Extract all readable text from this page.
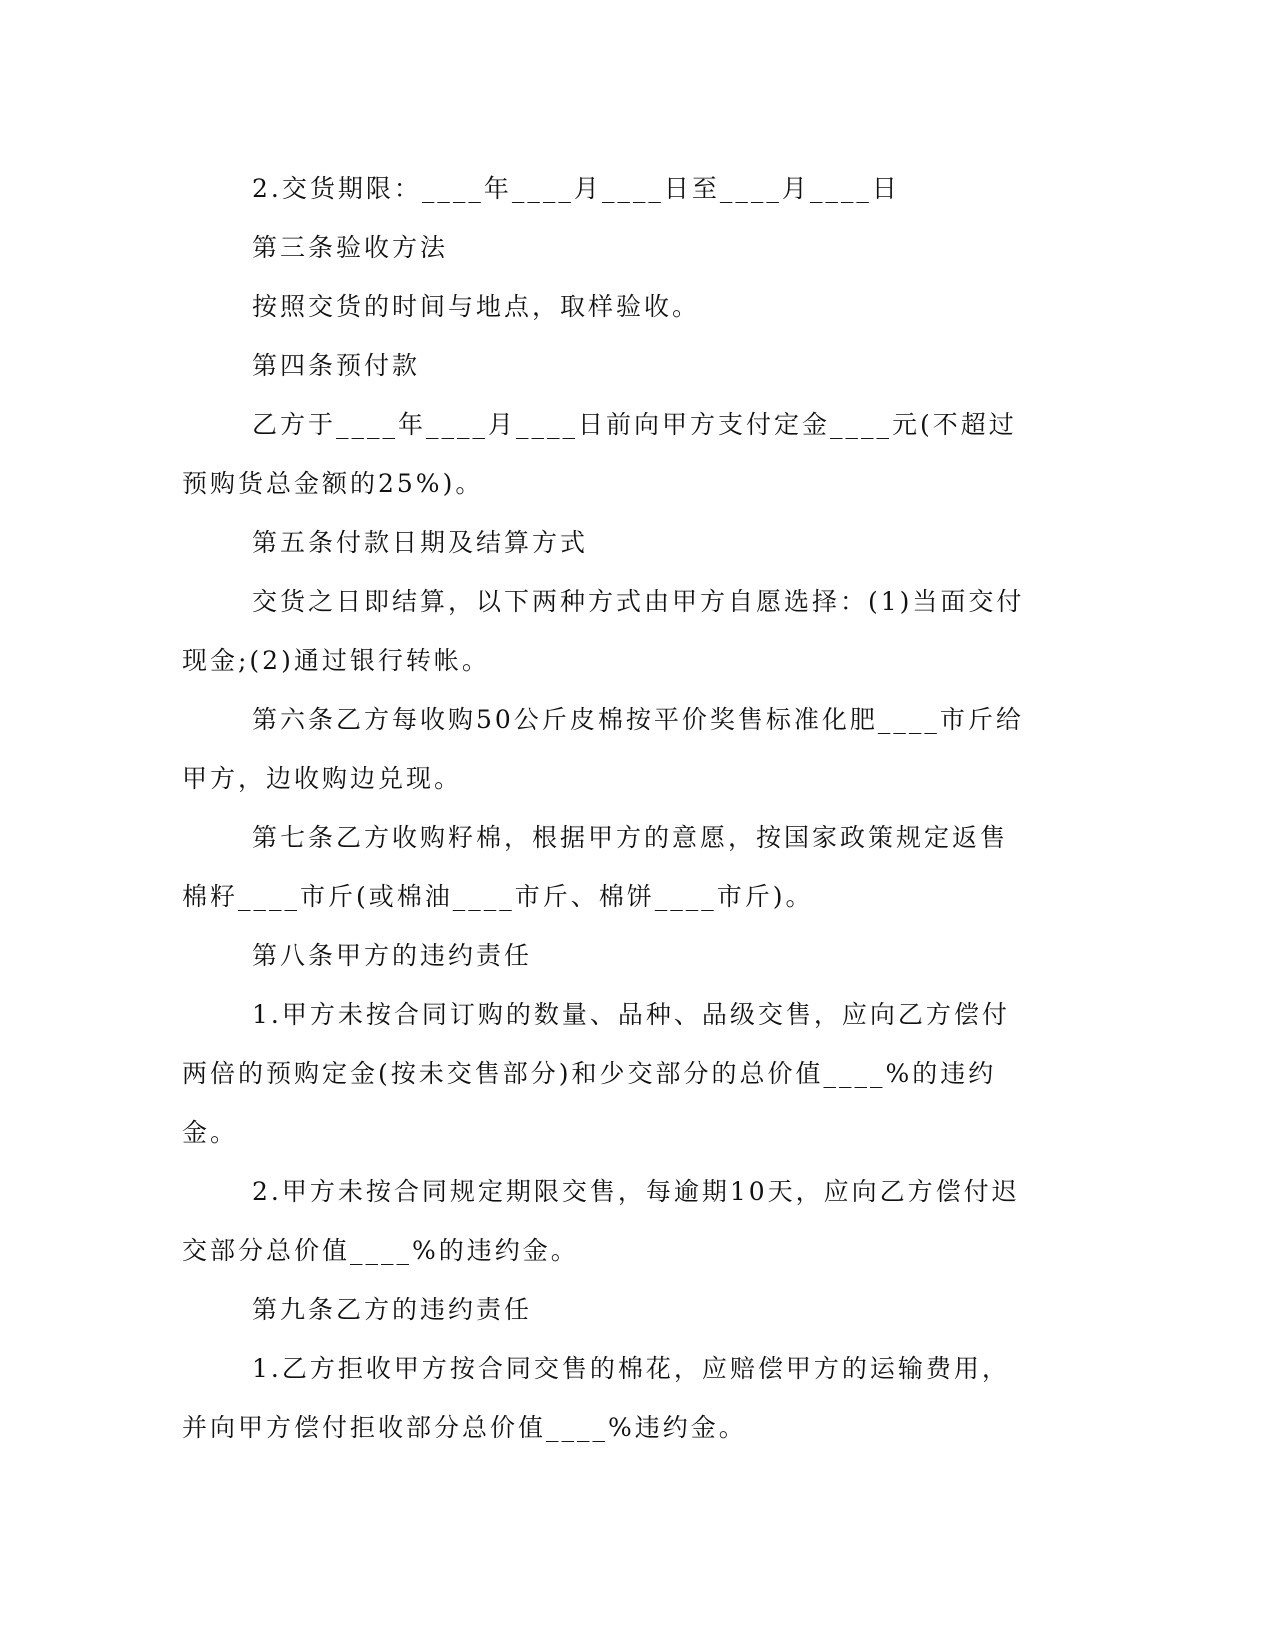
2.交货期限：____年____月____日至____月____日

第三条验收方法

按照交货的时间与地点，取样验收。

第四条预付款

乙方于____年____月____日前向甲方支付定金____元(不超过预购货总金额的25%)。

第五条付款日期及结算方式

交货之日即结算，以下两种方式由甲方自愿选择：(1)当面交付现金;(2)通过银行转帐。

第六条乙方每收购50公斤皮棉按平价奖售标准化肥____市斤给甲方，边收购边兑现。

第七条乙方收购籽棉，根据甲方的意愿，按国家政策规定返售棉籽____市斤(或棉油____市斤、棉饼____市斤)。

第八条甲方的违约责任

1.甲方未按合同订购的数量、品种、品级交售，应向乙方偿付两倍的预购定金(按未交售部分)和少交部分的总价值____%的违约金。

2.甲方未按合同规定期限交售，每逾期10天，应向乙方偿付迟交部分总价值____%的违约金。

第九条乙方的违约责任

1.乙方拒收甲方按合同交售的棉花，应赔偿甲方的运输费用，并向甲方偿付拒收部分总价值____%违约金。
